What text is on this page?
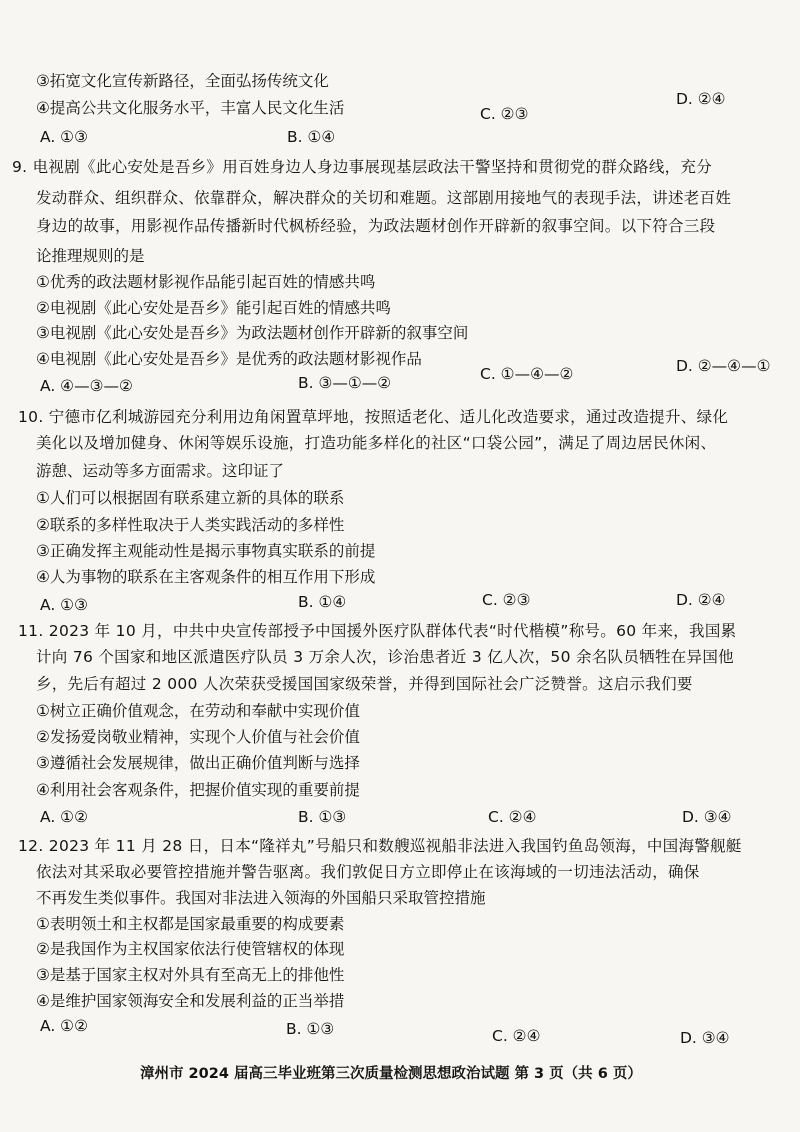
③拓宽文化宣传新路径，全面弘扬传统文化
④提高公共文化服务水平，丰富人民文化生活	D. ②④
A. ①③	B. ①④
C. ②③
9. 电视剧《此心安处是吾乡》用百姓身边人身边事展现基层政法干警坚持和贯彻党的群众路线，充分
发动群众、组织群众、依靠群众，解决群众的关切和难题。这部剧用接地气的表现手法，讲述老百姓
身边的故事，用影视作品传播新时代枫桥经验，为政法题材创作开辟新的叙事空间。以下符合三段
论推理规则的是
①优秀的政法题材影视作品能引起百姓的情感共鸣
②电视剧《此心安处是吾乡》能引起百姓的情感共鸣
③电视剧《此心安处是吾乡》为政法题材创作开辟新的叙事空间
④电视剧《此心安处是吾乡》是优秀的政法题材影视作品
A. ④—③—②	B. ③—①—②	C. ①—④—②	D. ②—④—①
10. 宁德市亿利城游园充分利用边角闲置草坪地，按照适老化、适儿化改造要求，通过改造提升、绿化
美化以及增加健身、休闲等娱乐设施，打造功能多样化的社区“口袋公园”，满足了周边居民休闲、
游憩、运动等多方面需求。这印证了
①人们可以根据固有联系建立新的具体的联系
②联系的多样性取决于人类实践活动的多样性
③正确发挥主观能动性是揭示事物真实联系的前提
④人为事物的联系在主客观条件的相互作用下形成
A. ①③	B. ①④	C. ②③	D. ②④
11. 2023 年 10 月，中共中央宣传部授予中国援外医疗队群体代表“时代楷模”称号。60 年来，我国累
计向 76 个国家和地区派遣医疗队员 3 万余人次，诊治患者近 3 亿人次，50 余名队员牺牲在异国他
乡，先后有超过 2 000 人次荣获受援国国家级荣誉，并得到国际社会广泛赞誉。这启示我们要
①树立正确价值观念，在劳动和奉献中实现价值
②发扬爱岗敬业精神，实现个人价值与社会价值
③遵循社会发展规律，做出正确价值判断与选择
④利用社会客观条件，把握价值实现的重要前提
A. ①②	B. ①③	C. ②④	D. ③④
12. 2023 年 11 月 28 日，日本“隆祥丸”号船只和数艘巡视船非法进入我国钓鱼岛领海，中国海警舰艇
依法对其采取必要管控措施并警告驱离。我们敦促日方立即停止在该海域的一切违法活动，确保
不再发生类似事件。我国对非法进入领海的外国船只采取管控措施
①表明领土和主权都是国家最重要的构成要素
②是我国作为主权国家依法行使管辖权的体现
③是基于国家主权对外具有至高无上的排他性
④是维护国家领海安全和发展利益的正当举措
A. ①②	B. ①③	C. ②④	D. ③④
漳州市 2024 届高三毕业班第三次质量检测思想政治试题 第 3 页（共 6 页）
